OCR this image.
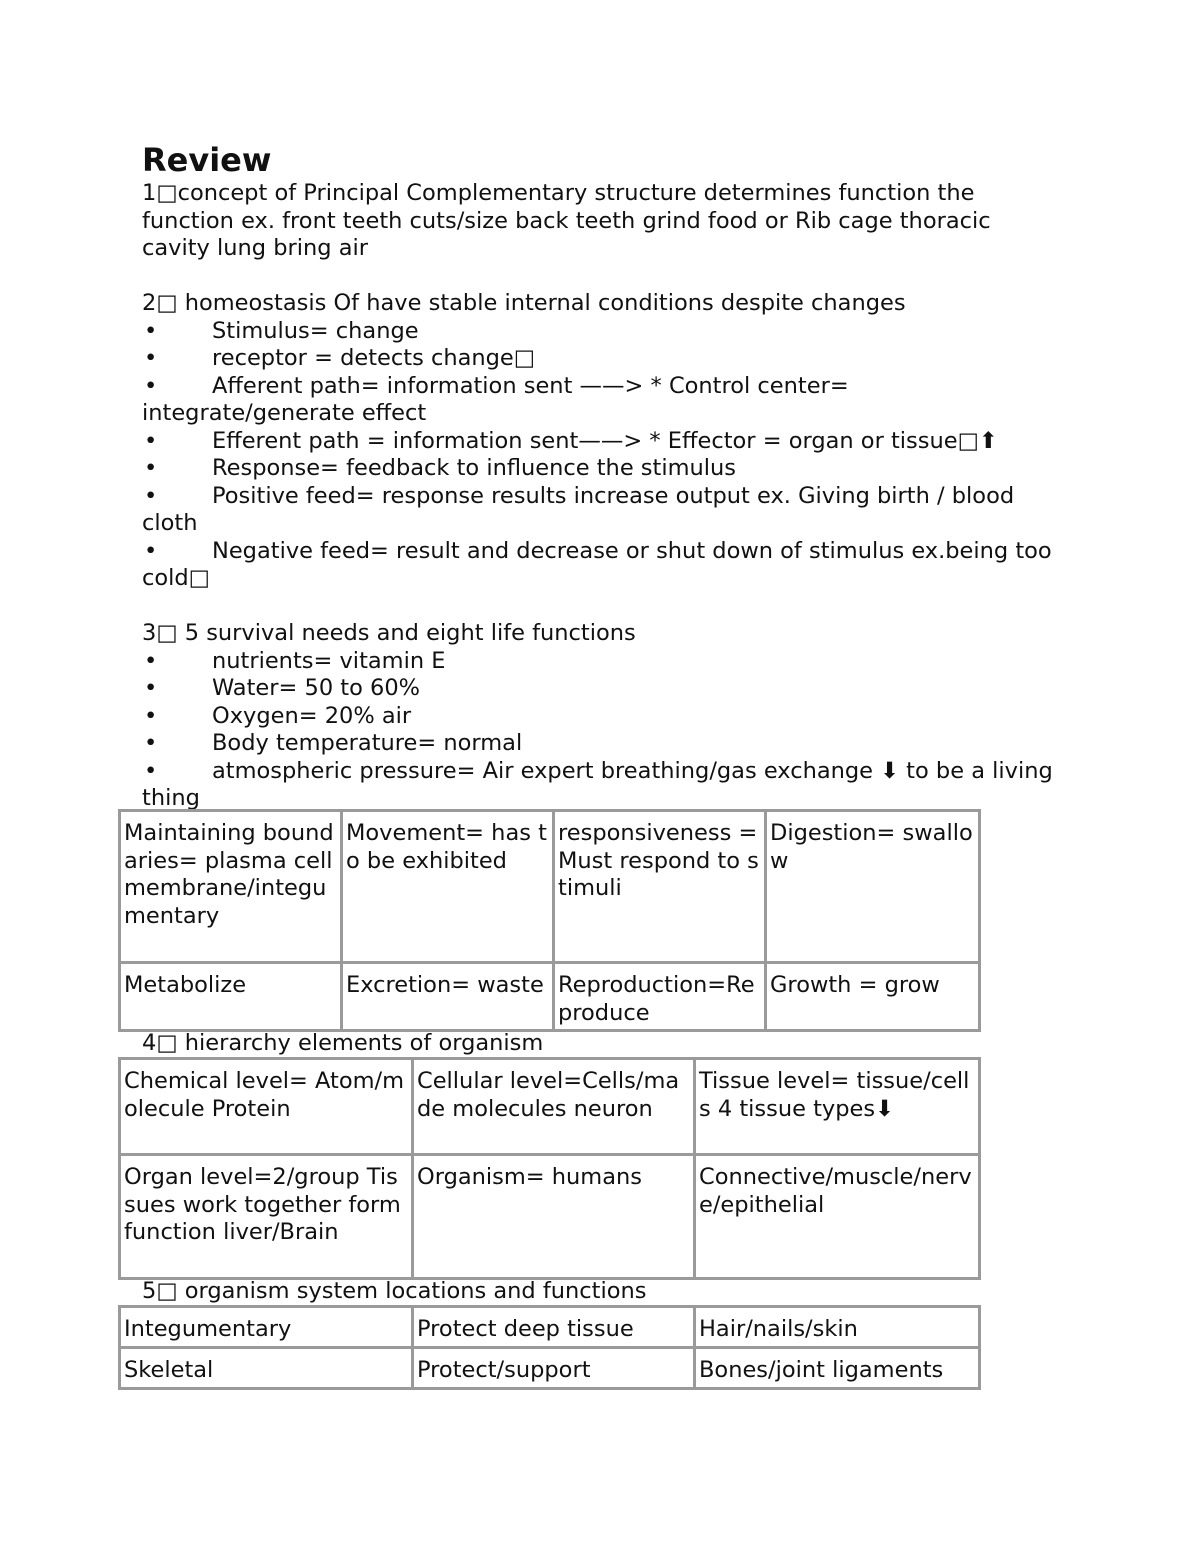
Review

1□concept of Principal Complementary structure determines function the function ex. front teeth cuts/size back teeth grind food or Rib cage thoracic cavity lung bring air

2□ homeostasis Of have stable internal conditions despite changes

• Stimulus= change

• receptor = detects change□

• Afferent path= information sent ——> * Control center= integrate/generate effect

• Efferent path = information sent——> * Effector = organ or tissue□⬆

• Response= feedback to influence the stimulus

• Positive feed= response results increase output ex. Giving birth / blood cloth

• Negative feed= result and decrease or shut down of stimulus ex.being too cold□

3□ 5 survival needs and eight life functions

• nutrients= vitamin E

• Water= 50 to 60%

• Oxygen= 20% air

• Body temperature= normal

• atmospheric pressure= Air expert breathing/gas exchange ⬇ to be a living thing

Maintaining boundaries= plasma cell membrane/integumentary	Movement= has to be exhibited	responsiveness =Must respond to stimuli	Digestion= swallow
Metabolize	Excretion= waste	Reproduction=Reproduce	Growth = grow

4□ hierarchy elements of organism

Chemical level= Atom/molecule Protein	Cellular level=Cells/made molecules neuron	Tissue level= tissue/cells 4 tissue types⬇
Organ level=2/group Tissues work together form function liver/Brain	Organism= humans	Connective/muscle/nerve/epithelial

5□ organism system locations and functions

Integumentary	Protect deep tissue	Hair/nails/skin
Skeletal	Protect/support	Bones/joint ligaments
